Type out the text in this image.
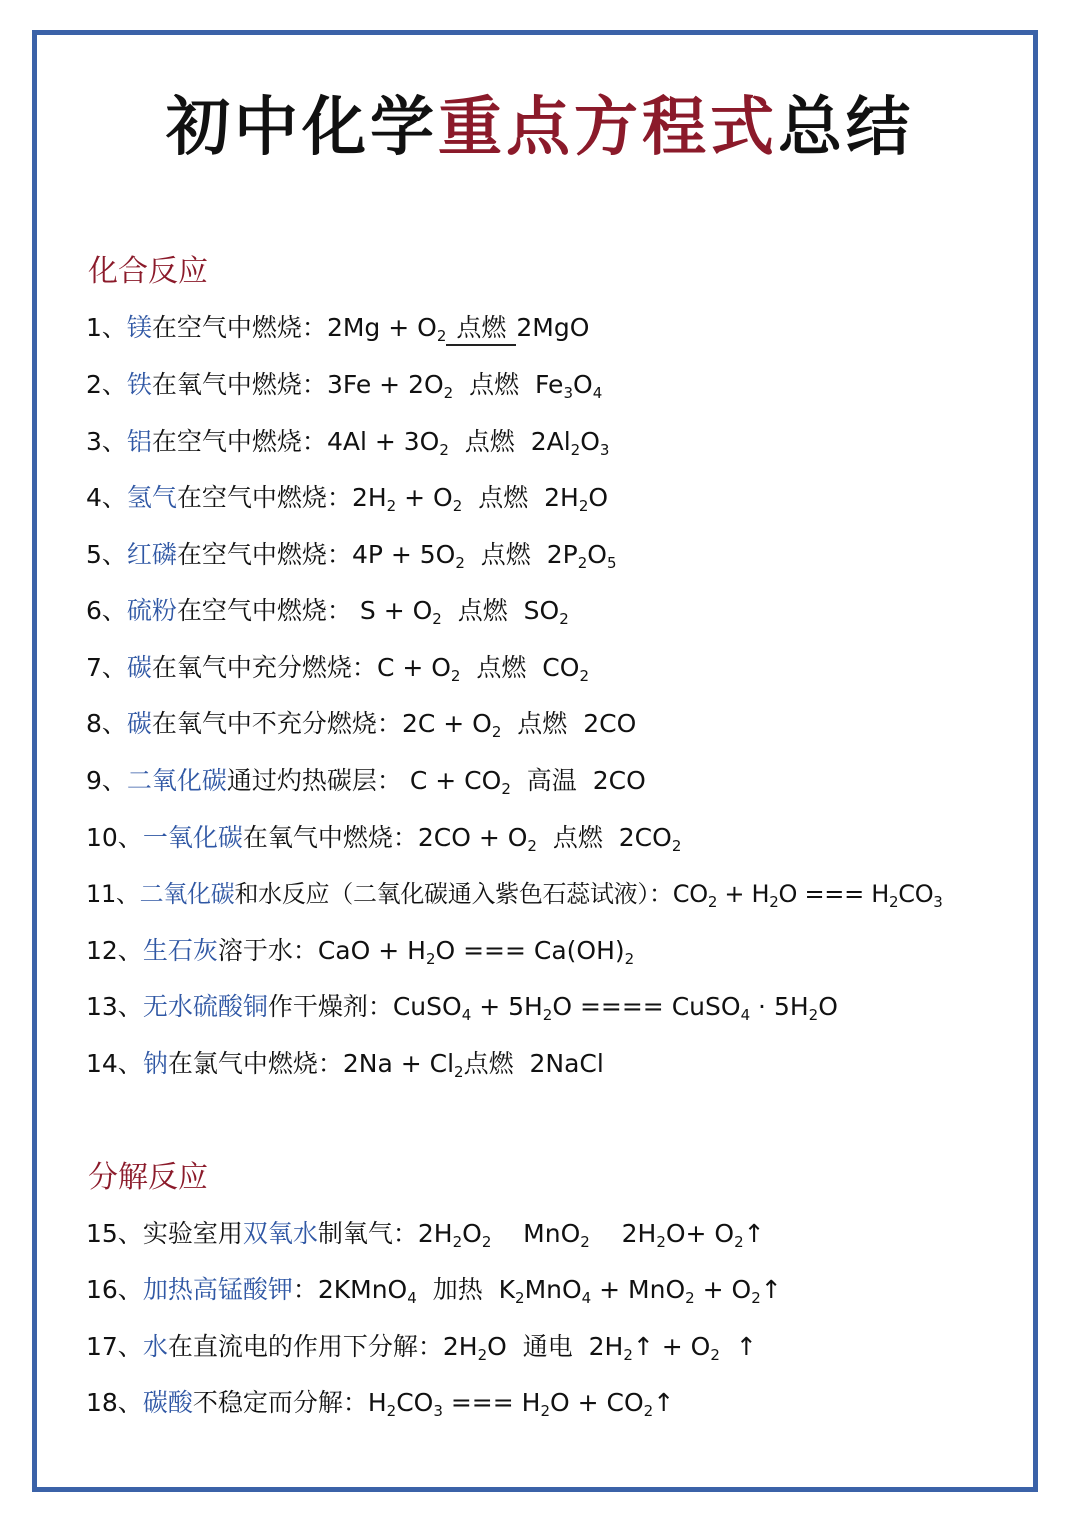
初中化学重点方程式总结
化合反应
1、镁在空气中燃烧：$2Mg + O_2$ 点燃 2MgO
2、铁在氧气中燃烧：$3Fe + 2O_2$ 点燃 $Fe_3O_4$
3、铝在空气中燃烧：$4Al + 3O_2$ 点燃 $2Al_2O_3$
4、氢气在空气中燃烧：$2H_2 + O_2$ 点燃 $2H_2O$
5、红磷在空气中燃烧：$4P + 5O_2$ 点燃 $2P_2O_5$
6、硫粉在空气中燃烧： $S + O_2$ 点燃 $SO_2$
7、碳在氧气中充分燃烧：$C + O_2$ 点燃 $CO_2$
8、碳在氧气中不充分燃烧：$2C + O_2$ 点燃 2CO
9、二氧化碳通过灼热碳层： $C + CO_2$ 高温 2CO
10、一氧化碳在氧气中燃烧：$2CO + O_2$ 点燃 $2CO_2$
11、二氧化碳和水反应（二氧化碳通入紫色石蕊试液）：$CO_2 + H_2O$ === $H_2CO_3$
12、生石灰溶于水：CaO + $H_2O$ === $Ca(OH)_2$
13、无水硫酸铜作干燥剂：CuSO$_4$ + $5H_2O$ ==== CuSO$_4$ · $5H_2O$
14、钠在氯气中燃烧：$2Na + Cl_2$点燃 2NaCl
分解反应
15、实验室用双氧水制氧气：$2H_2O_2$ MnO$_2$ $2H_2O+$ $O_2↑$
16、加热高锰酸钾：2KMnO$_4$ 加热 $K_2MnO_4 + MnO_2$ + $O_2↑$
17、水在直流电的作用下分解：$2H_2O$ 通电 $2H_2↑ + O_2$ ↑
18、碳酸不稳定而分解：$H_2CO_3$ === $H_2O$ + $CO_2↑$
